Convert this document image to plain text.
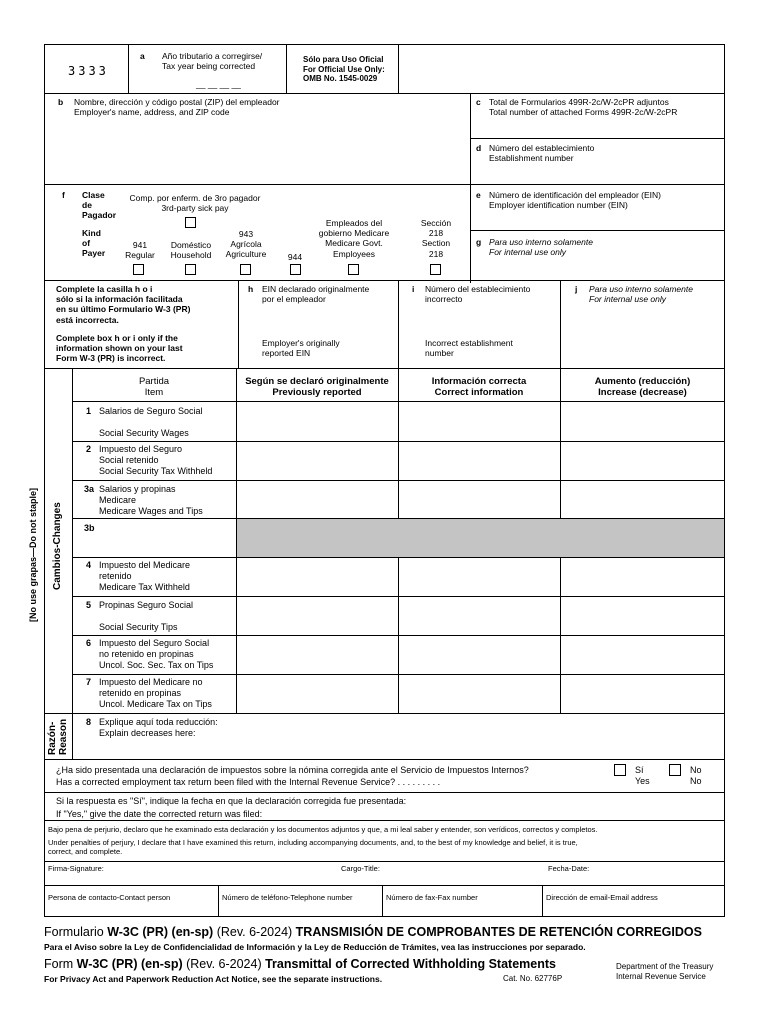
3333
a Año tributario a corregirse/
Tax year being corrected
__ __ __ __
Sólo para Uso Oficial
For Official Use Only:
OMB No. 1545-0029
b Nombre, dirección y código postal (ZIP) del empleador
Employer's name, address, and ZIP code
c Total de Formularios 499R-2c/W-2cPR adjuntos
Total number of attached Forms 499R-2c/W-2cPR
d Número del establecimiento
Establishment number
f Clase
de
Pagador
Kind
of
Payer
Comp. por enferm. de 3ro pagador
3rd-party sick pay
941
Regular
Doméstico
Household
943
Agrícola
Agriculture	944
Empleados del
gobierno Medicare
Medicare Govt.
Employees
Sección
218
Section
218
e Número de identificación del empleador (EIN)
Employer identification number (EIN)
g Para uso interno solamente
For internal use only
Complete la casilla h o i
sólo si la información facilitada
en su último Formulario W-3 (PR)
está incorrecta.
Complete box h or i only if the
information shown on your last
Form W-3 (PR) is incorrect.
h EIN declarado originalmente
por el empleador
Employer's originally
reported EIN
i Número del establecimiento
incorrecto
Incorrect establishment
number
j Para uso interno solamente
For internal use only
Partida
Item
Según se declaró originalmente
Previously reported
Información correcta
Correct information
Aumento (reducción)
Increase (decrease)
Cambios-Changes
Razón-
Reason
[No use grapas—Do not staple]
1 Salarios de Seguro Social

Social Security Wages
2 Impuesto del Seguro
Social retenido
Social Security Tax Withheld
3a Salarios y propinas
Medicare
Medicare Wages and Tips
3b
4 Impuesto del Medicare
retenido
Medicare Tax Withheld
5 Propinas Seguro Social

Social Security Tips
6 Impuesto del Seguro Social
no retenido en propinas
Uncol. Soc. Sec. Tax on Tips
7 Impuesto del Medicare no
retenido en propinas
Uncol. Medicare Tax on Tips
8 Explique aquí toda reducción:
Explain decreases here:
¿Ha sido presentada una declaración de impuestos sobre la nómina corregida ante el Servicio de Impuestos Internos?
Has a corrected employment tax return been filed with the Internal Revenue Service? . . . . . . . . .
Sí
Yes
No
No
Si la respuesta es "Sí", indique la fecha en que la declaración corregida fue presentada:
If "Yes," give the date the corrected return was filed:
Bajo pena de perjurio, declaro que he examinado esta declaración y los documentos adjuntos y que, a mi leal saber y entender, son verídicos, correctos y completos.
Under penalties of perjury, I declare that I have examined this return, including accompanying documents, and, to the best of my knowledge and belief, it is true,
correct, and complete.
Firma-Signature:	Cargo-Title:	Fecha-Date:
Persona de contacto-Contact person	Número de teléfono-Telephone number	Número de fax-Fax number	Dirección de email-Email address
Formulario W-3C (PR) (en-sp) (Rev. 6-2024) TRANSMISIÓN DE COMPROBANTES DE RETENCIÓN CORREGIDOS
Para el Aviso sobre la Ley de Confidencialidad de Información y la Ley de Reducción de Trámites, vea las instrucciones por separado.
Form W-3C (PR) (en-sp) (Rev. 6-2024) Transmittal of Corrected Withholding Statements
For Privacy Act and Paperwork Reduction Act Notice, see the separate instructions.	Cat. No. 62776P
Department of the Treasury
Internal Revenue Service
